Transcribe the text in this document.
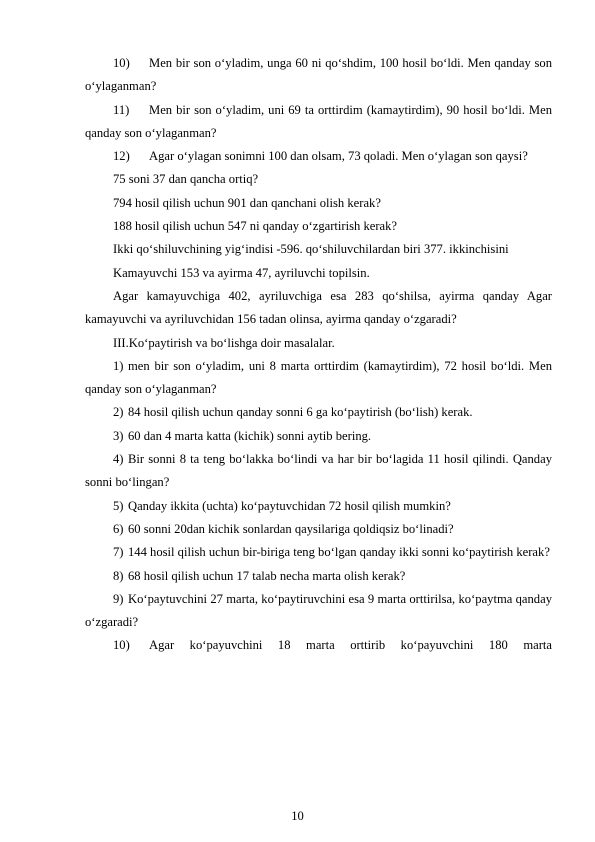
10) Men bir son o‘yladim, unga 60 ni qo‘shdim, 100 hosil bo‘ldi. Men qanday son o‘ylaganman?

11) Men bir son o‘yladim, uni 69 ta orttirdim (kamaytirdim), 90 hosil bo‘ldi. Men qanday son o‘ylaganman?

12) Agar o‘ylagan sonimni 100 dan olsam, 73 qoladi. Men o‘ylagan son qaysi?

75 soni 37 dan qancha ortiq?

794 hosil qilish uchun 901 dan qanchani olish kerak?

188 hosil qilish uchun 547 ni qanday o‘zgartirish kerak?

Ikki qo‘shiluvchining yig‘indisi -596. qo‘shiluvchilardan biri 377. ikkinchisini

Kamayuvchi 153 va ayirma 47, ayriluvchi topilsin.

Agar kamayuvchiga 402, ayriluvchiga esa 283 qo‘shilsa, ayirma qanday Agar kamayuvchi va ayriluvchidan 156 tadan olinsa, ayirma qanday o‘zgaradi?

III.Ko‘paytirish va bo‘lishga doir masalalar.

1) men bir son o‘yladim, uni 8 marta orttirdim (kamaytirdim), 72 hosil bo‘ldi. Men qanday son o‘ylaganman?

2) 84 hosil qilish uchun qanday sonni 6 ga ko‘paytirish (bo‘lish) kerak.

3) 60 dan 4 marta katta (kichik) sonni aytib bering.

4) Bir sonni 8 ta teng bo‘lakka bo‘lindi va har bir bo‘lagida 11 hosil qilindi. Qanday sonni bo‘lingan?

5) Qanday ikkita (uchta) ko‘paytuvchidan 72 hosil qilish mumkin?

6) 60 sonni 20dan kichik sonlardan qaysilariga qoldiqsiz bo‘linadi?

7) 144 hosil qilish uchun bir-biriga teng bo‘lgan qanday ikki sonni ko‘paytirish kerak?

8) 68 hosil qilish uchun 17 talab necha marta olish kerak?

9) Ko‘paytuvchini 27 marta, ko‘paytiruvchini esa 9 marta orttirilsa, ko‘paytma qanday o‘zgaradi?

10) Agar ko‘payuvchini 18 marta orttirib ko‘payuvchini 180 marta

10
